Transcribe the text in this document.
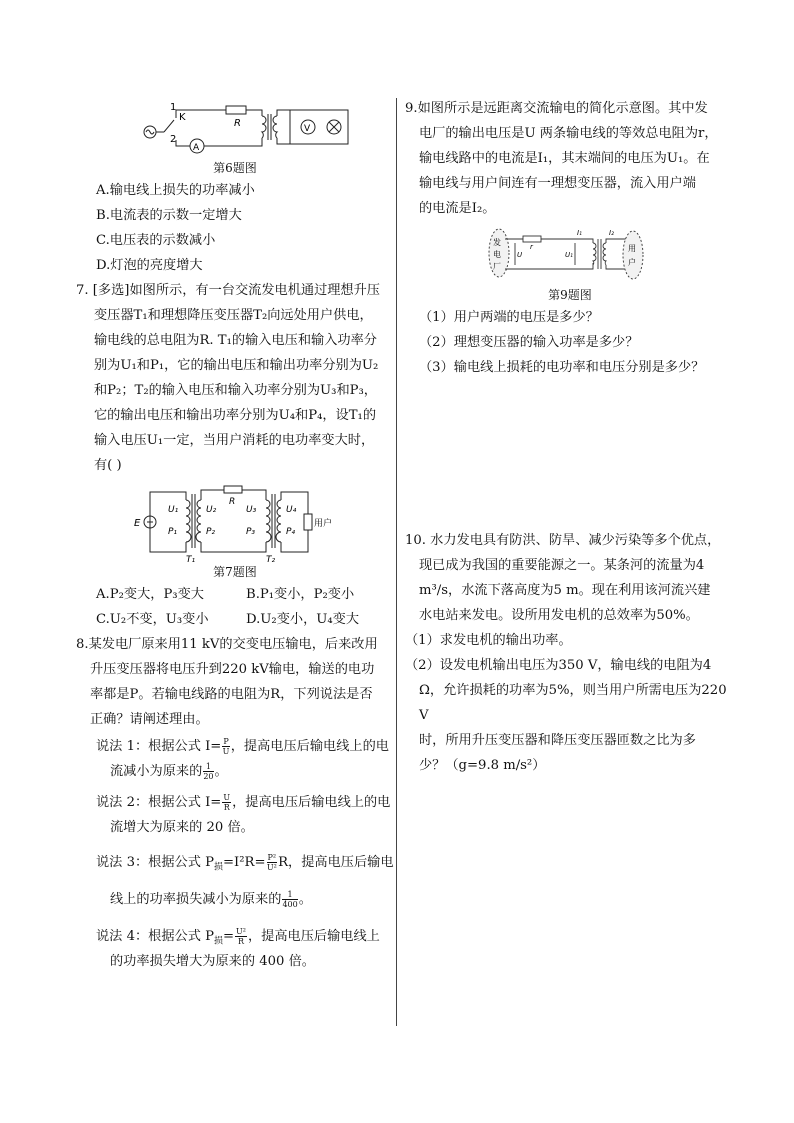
1
2
K
R
A
V

第6题图

A.输电线上损失的功率减小

B.电流表的示数一定增大

C.电压表的示数减小

D.灯泡的亮度增大

7. [多选]如图所示，有一台交流发电机通过理想升压

变压器T₁和理想降压变压器T₂向远处用户供电，

输电线的总电阻为R. T₁的输入电压和输入功率分

别为U₁和P₁，它的输出电压和输出功率分别为U₂

和P₂；T₂的输入电压和输入功率分别为U₃和P₃，

它的输出电压和输出功率分别为U₄和P₄，设T₁的

输入电压U₁一定，当用户消耗的电功率变大时，

有( )

E
U₁
P₁
U₂
P₂
R
U₃
P₃
U₄
P₄
用户
T₁	T₂

第7题图

A.P₂变大，P₃变大	B.P₁变小，P₂变小
C.U₂不变，U₃变小	D.U₂变小，U₄变大

8.某发电厂原来用11 kV的交变电压输电，后来改用

升压变压器将电压升到220 kV输电，输送的电功

率都是P。若输电线路的电阻为R，下列说法是否

正确？请阐述理由。

说法 1：根据公式 $I= \frac{P}{U}$ ，提高电压后输电线上的电

流减小为原来的 $\frac{1}{20}$ 。

说法 2：根据公式 $I= \frac{U}{R}$ ，提高电压后输电线上的电

流增大为原来的 20 倍。

说法 3：根据公式 $P_损=I^2R= \frac{\text{P²}}{\text{U²}}$ R，提高电压后输电

线上的功率损失减小为原来的 $\frac{1}{400}$ 。

说法 4：根据公式 $P_损= \frac{\text{U²}}{R}$ ，提高电压后输电线上

的功率损失增大为原来的 400 倍。

9.如图所示是远距离交流输电的简化示意图。其中发

电厂的输出电压是U 两条输电线的等效总电阻为r，

输电线路中的电流是I₁，其末端间的电压为U₁。在

输电线与用户间连有一理想变压器，流入用户端

的电流是I₂。

发
电
厂
U
r
U₁
I₁	I₂
用
户

第9题图

（1）用户两端的电压是多少？

（2）理想变压器的输入功率是多少？

（3）输电线上损耗的电功率和电压分别是多少？

10. 水力发电具有防洪、防旱、减少污染等多个优点，

现已成为我国的重要能源之一。某条河的流量为4

m³/s，水流下落高度为5 m。现在利用该河流兴建

水电站来发电。设所用发电机的总效率为50%。

（1）求发电机的输出功率。

（2）设发电机输出电压为350 V，输电线的电阻为4

Ω，允许损耗的功率为5%，则当用户所需电压为220 V

时，所用升压变压器和降压变压器匝数之比为多

少？（g=9.8 m/s²）
